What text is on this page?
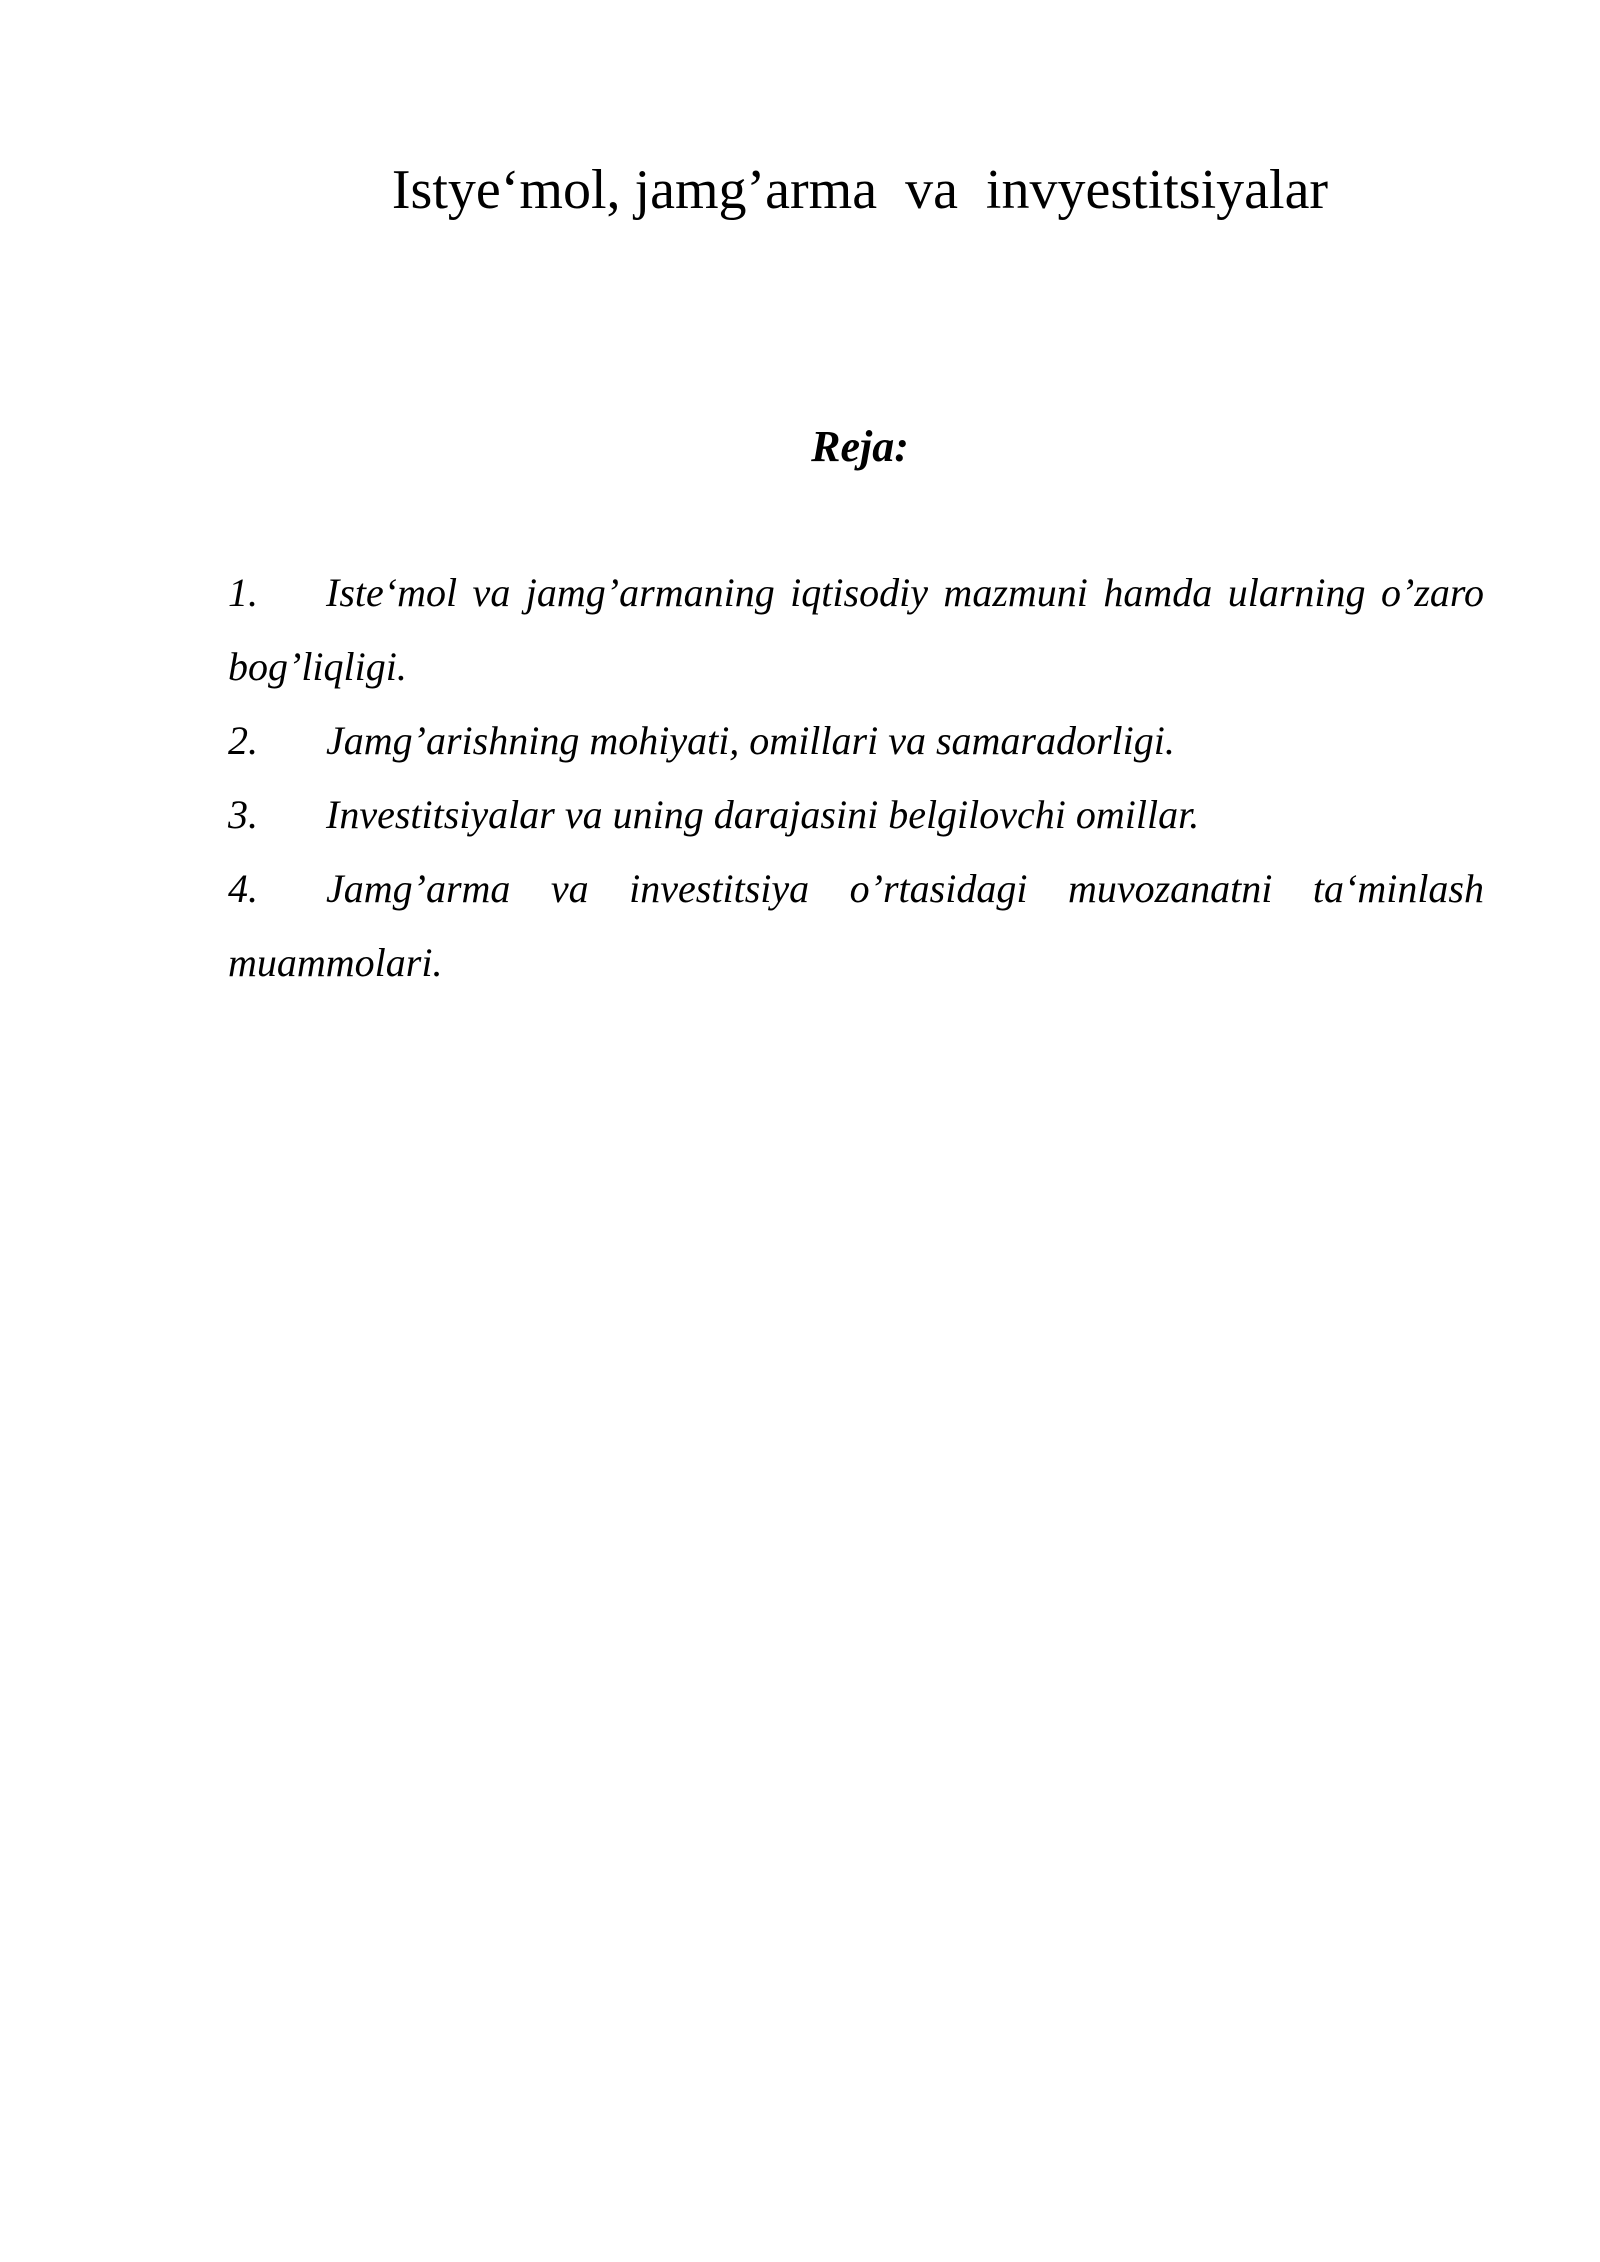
Istye‘mol, jamg’arma  va  invyestitsiyalar
Reja:
1. Iste‘mol va jamg’armaning iqtisodiy mazmuni hamda ularning o’zaro bog’liqligi.
2. Jamg’arishning mohiyati, omillari va samaradorligi.
3. Investitsiyalar va uning darajasini belgilovchi omillar.
4. Jamg’arma va investitsiya o’rtasidagi muvozanatni ta‘minlash muammolari.
